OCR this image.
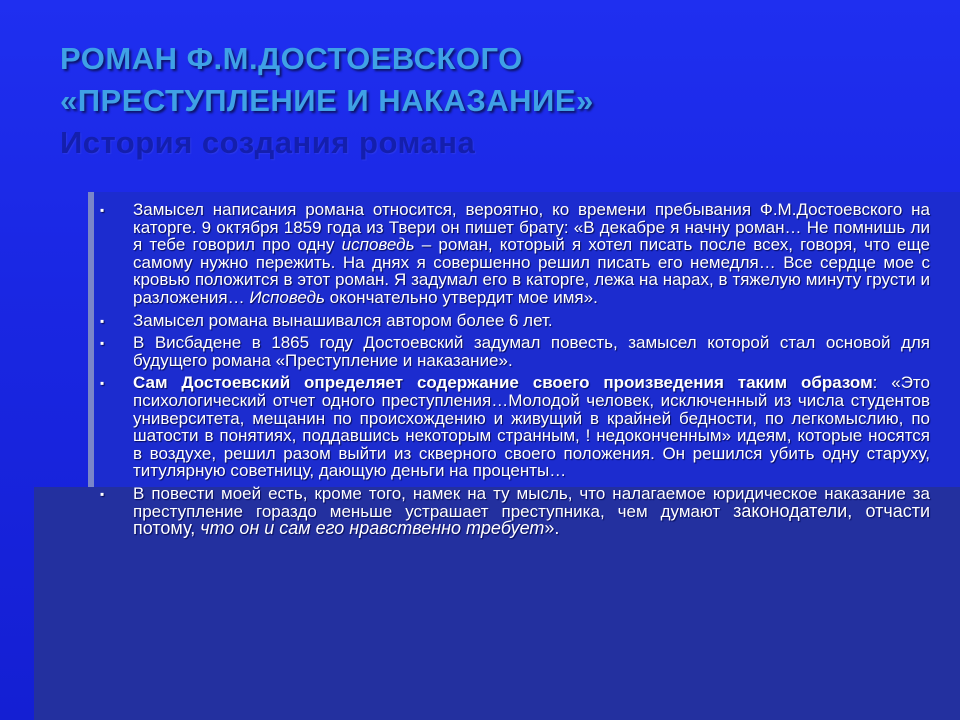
РОМАН Ф.М.ДОСТОЕВСКОГО
«ПРЕСТУПЛЕНИЕ И НАКАЗАНИЕ»
История создания романа
▪ Замысел написания романа относится, вероятно, ко времени пребывания Ф.М.Достоевского на каторге. 9 октября 1859 года из Твери он пишет брату: «В декабре я начну роман… Не помнишь ли я тебе говорил про одну исповедь – роман, который я хотел писать после всех, говоря, что еще самому нужно пережить. На днях я совершенно решил писать его немедля… Все сердце мое с кровью положится в этот роман. Я задумал его в каторге, лежа на нарах, в тяжелую минуту грусти и разложения… Исповедь окончательно утвердит мое имя».
▪ Замысел романа вынашивался автором более 6 лет.
▪ В Висбадене в 1865 году Достоевский задумал повесть, замысел которой стал основой для будущего романа «Преступление и наказание».
▪ Сам Достоевский определяет содержание своего произведения таким образом: «Это психологический отчет одного преступления…Молодой человек, исключенный из числа студентов университета, мещанин по происхождению и живущий в крайней бедности, по легкомыслию, по шатости в понятиях, поддавшись некоторым странным, ! недоконченным» идеям, которые носятся в воздухе, решил разом выйти из скверного своего положения. Он решился убить одну старуху, титулярную советницу, дающую деньги на проценты…
▪ В повести моей есть, кроме того, намек на ту мысль, что налагаемое юридическое наказание за преступление гораздо меньше устрашает преступника, чем думают законодатели, отчасти потому, что он и сам его нравственно требует».
